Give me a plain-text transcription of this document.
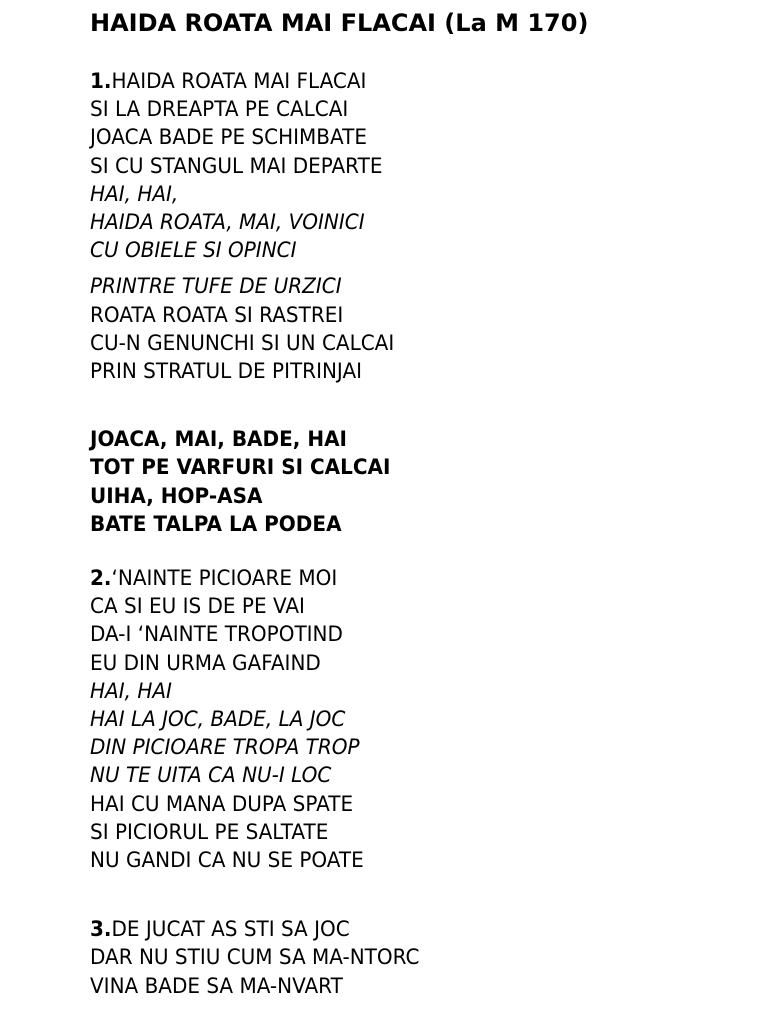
HAIDA ROATA MAI FLACAI (La M 170)

1.HAIDA ROATA MAI FLACAI

SI LA DREAPTA PE CALCAI

JOACA BADE PE SCHIMBATE

SI CU STANGUL MAI DEPARTE

HAI, HAI,

HAIDA ROATA, MAI, VOINICI

CU OBIELE SI OPINCI

PRINTRE TUFE DE URZICI

ROATA ROATA SI RASTREI

CU-N GENUNCHI SI UN CALCAI

PRIN STRATUL DE PITRINJAI

JOACA, MAI, BADE, HAI

TOT PE VARFURI SI CALCAI

UIHA, HOP-ASA

BATE TALPA LA PODEA

2.‘NAINTE PICIOARE MOI

CA SI EU IS DE PE VAI

DA-I ‘NAINTE TROPOTIND

EU DIN URMA GAFAIND

HAI, HAI

HAI LA JOC, BADE, LA JOC

DIN PICIOARE TROPA TROP

NU TE UITA CA NU-I LOC

HAI CU MANA DUPA SPATE

SI PICIORUL PE SALTATE

NU GANDI CA NU SE POATE

3.DE JUCAT AS STI SA JOC

DAR NU STIU CUM SA MA-NTORC

VINA BADE SA MA-NVART
